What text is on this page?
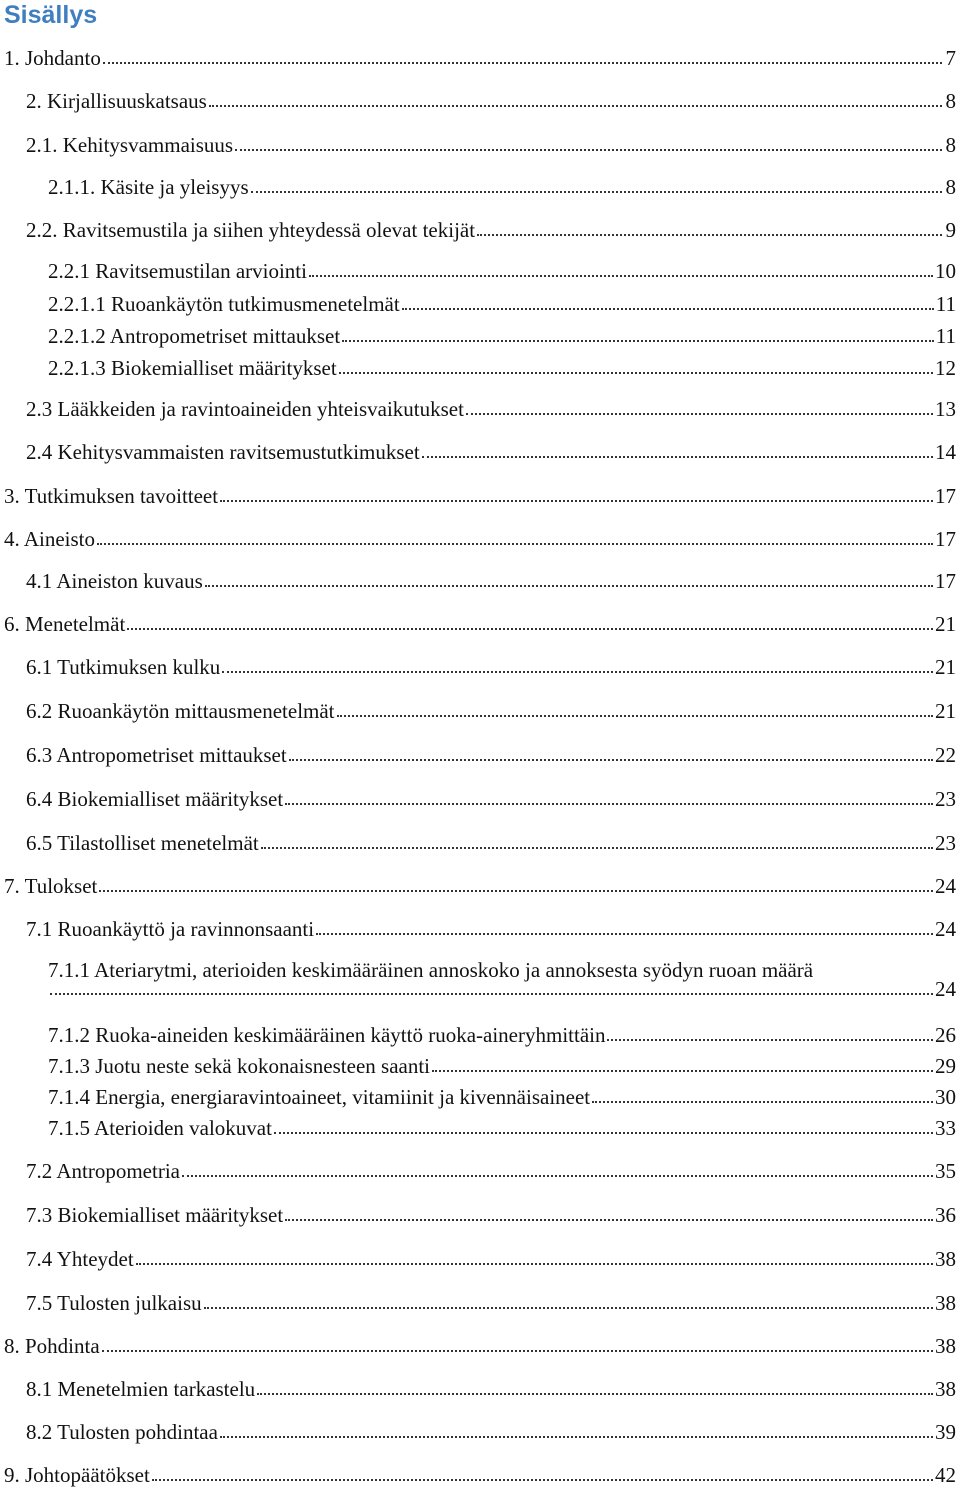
Sisällys
1. Johdanto	7
2. Kirjallisuuskatsaus	8
2.1. Kehitysvammaisuus	8
2.1.1. Käsite ja yleisyys	8
2.2. Ravitsemustila ja siihen yhteydessä olevat tekijät	9
2.2.1 Ravitsemustilan arviointi	10
2.2.1.1 Ruoankäytön tutkimusmenetelmät	11
2.2.1.2 Antropometriset mittaukset	11
2.2.1.3 Biokemialliset määritykset	12
2.3 Lääkkeiden ja ravintoaineiden yhteisvaikutukset	13
2.4 Kehitysvammaisten ravitsemustutkimukset	14
3. Tutkimuksen tavoitteet	17
4. Aineisto	17
4.1 Aineiston kuvaus	17
6. Menetelmät	21
6.1 Tutkimuksen kulku	21
6.2 Ruoankäytön mittausmenetelmät	21
6.3 Antropometriset mittaukset	22
6.4 Biokemialliset määritykset	23
6.5 Tilastolliset menetelmät	23
7. Tulokset	24
7.1 Ruoankäyttö ja ravinnonsaanti	24
7.1.1 Ateriarytmi, aterioiden keskimääräinen annoskoko ja annoksesta syödyn ruoan määrä
24
7.1.2 Ruoka-aineiden keskimääräinen käyttö ruoka-aineryhmittäin	26
7.1.3 Juotu neste sekä kokonaisnesteen saanti	29
7.1.4 Energia, energiaravintoaineet, vitamiinit ja kivennäisaineet	30
7.1.5 Aterioiden valokuvat	33
7.2 Antropometria	35
7.3 Biokemialliset määritykset	36
7.4 Yhteydet	38
7.5 Tulosten julkaisu	38
8. Pohdinta	38
8.1 Menetelmien tarkastelu	38
8.2 Tulosten pohdintaa	39
9. Johtopäätökset	42
